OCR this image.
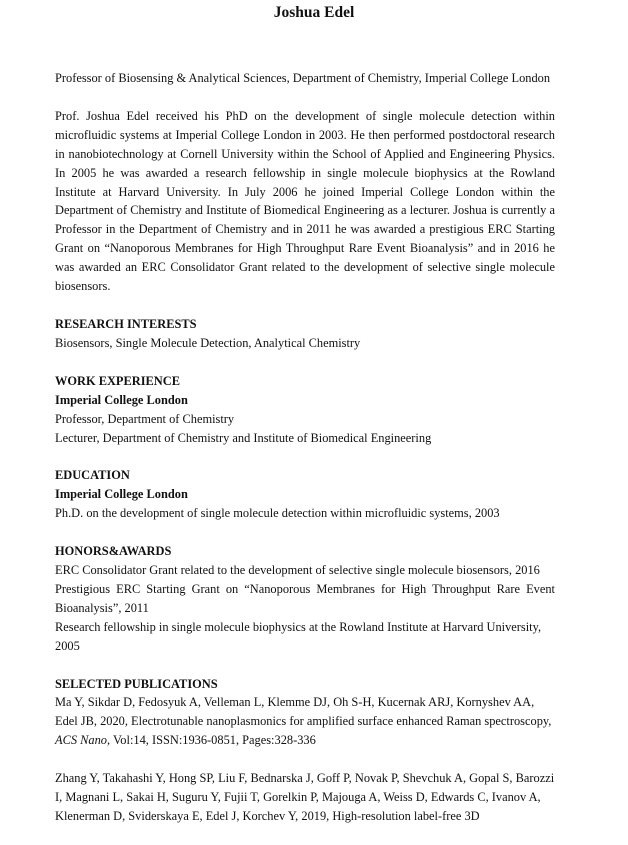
Joshua Edel

Professor of Biosensing & Analytical Sciences, Department of Chemistry, Imperial College London

Prof. Joshua Edel received his PhD on the development of single molecule detection within microfluidic systems at Imperial College London in 2003. He then performed postdoctoral research in nanobiotechnology at Cornell University within the School of Applied and Engineering Physics. In 2005 he was awarded a research fellowship in single molecule biophysics at the Rowland Institute at Harvard University. In July 2006 he joined Imperial College London within the Department of Chemistry and Institute of Biomedical Engineering as a lecturer. Joshua is currently a Professor in the Department of Chemistry and in 2011 he was awarded a prestigious ERC Starting Grant on “Nanoporous Membranes for High Throughput Rare Event Bioanalysis” and in 2016 he was awarded an ERC Consolidator Grant related to the development of selective single molecule biosensors.

RESEARCH INTERESTS

Biosensors, Single Molecule Detection, Analytical Chemistry

WORK EXPERIENCE

Imperial College London

Professor, Department of Chemistry

Lecturer, Department of Chemistry and Institute of Biomedical Engineering

EDUCATION

Imperial College London

Ph.D. on the development of single molecule detection within microfluidic systems, 2003

HONORS&AWARDS

ERC Consolidator Grant related to the development of selective single molecule biosensors, 2016

Prestigious ERC Starting Grant on “Nanoporous Membranes for High Throughput Rare Event Bioanalysis”, 2011

Research fellowship in single molecule biophysics at the Rowland Institute at Harvard University, 2005

SELECTED PUBLICATIONS

Ma Y, Sikdar D, Fedosyuk A, Velleman L, Klemme DJ, Oh S-H, Kucernak ARJ, Kornyshev AA, Edel JB, 2020, Electrotunable nanoplasmonics for amplified surface enhanced Raman spectroscopy, ACS Nano, Vol:14, ISSN:1936-0851, Pages:328-336

Zhang Y, Takahashi Y, Hong SP, Liu F, Bednarska J, Goff P, Novak P, Shevchuk A, Gopal S, Barozzi I, Magnani L, Sakai H, Suguru Y, Fujii T, Gorelkin P, Majouga A, Weiss D, Edwards C, Ivanov A, Klenerman D, Sviderskaya E, Edel J, Korchev Y, 2019, High-resolution label-free 3D
